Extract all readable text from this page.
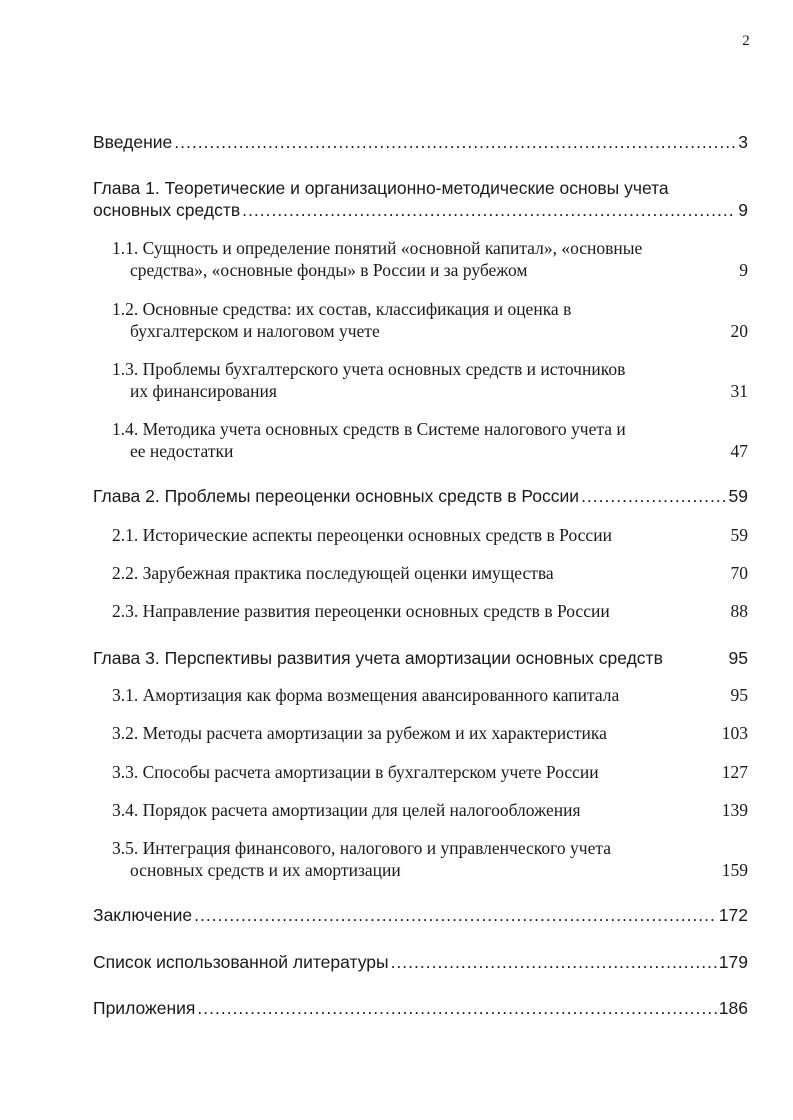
2
Введение .....	3
Глава 1. Теоретические и организационно-методические основы учета
основных средств .....	9
1.1. Сущность и определение понятий «основной капитал», «основные
средства», «основные фонды» в России и за рубежом	9
1.2. Основные средства: их состав, классификация и оценка в
бухгалтерском и налоговом учете	20
1.3. Проблемы бухгалтерского учета основных средств и источников
их финансирования	31
1.4. Методика учета основных средств в Системе налогового учета и
ее недостатки	47
Глава 2. Проблемы переоценки основных средств в России .....	59
2.1. Исторические аспекты переоценки основных средств в России	59
2.2. Зарубежная практика последующей оценки имущества	70
2.3. Направление развития переоценки основных средств в России	88
Глава 3. Перспективы развития учета амортизации основных средств	95
3.1. Амортизация как форма возмещения авансированного капитала	95
3.2. Методы расчета амортизации за рубежом и их характеристика	103
3.3. Способы расчета амортизации в бухгалтерском учете России	127
3.4. Порядок расчета амортизации для целей налогообложения	139
3.5. Интеграция финансового, налогового и управленческого учета
основных средств и их амортизации	159
Заключение .....	172
Список использованной литературы .....	179
Приложения .....	186
